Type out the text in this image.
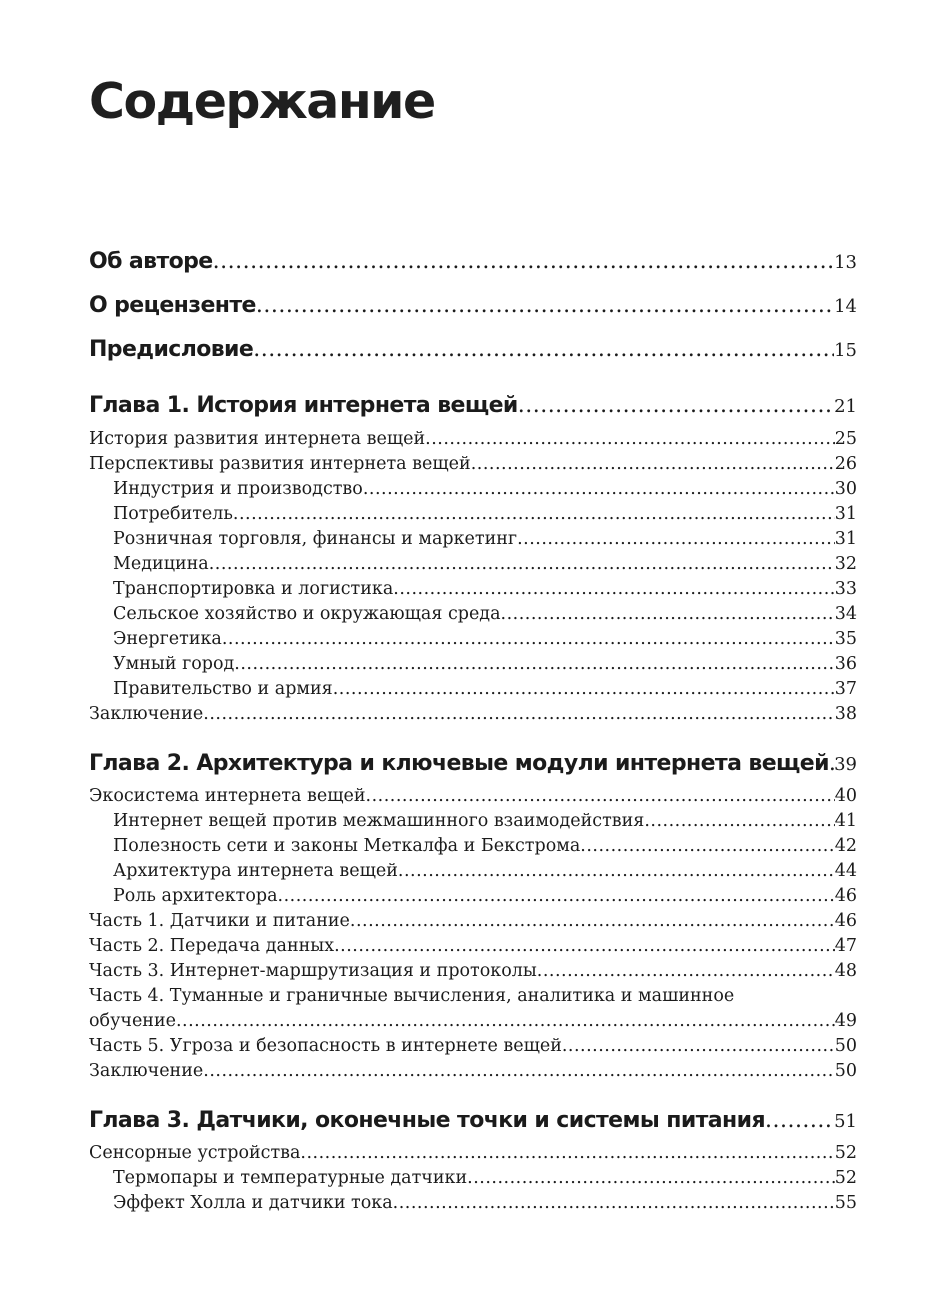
Содержание
Об авторе .....	13
О рецензенте .....	14
Предисловие .....	15
Глава 1. История интернета вещей .....	21
История развития интернета вещей .....	25
Перспективы развития интернета вещей .....	26
Индустрия и производство .....	30
Потребитель .....	31
Розничная торговля, финансы и маркетинг .....	31
Медицина .....	32
Транспортировка и логистика .....	33
Сельское хозяйство и окружающая среда .....	34
Энергетика .....	35
Умный город .....	36
Правительство и армия .....	37
Заключение .....	38
Глава 2. Архитектура и ключевые модули интернета вещей ..... 39
Экосистема интернета вещей .....	40
Интернет вещей против межмашинного взаимодействия .....	41
Полезность сети и законы Меткалфа и Бекстрома .....	42
Архитектура интернета вещей .....	44
Роль архитектора .....	46
Часть 1. Датчики и питание .....	46
Часть 2. Передача данных .....	47
Часть 3. Интернет-маршрутизация и протоколы .....	48
Часть 4. Туманные и граничные вычисления, аналитика и машинное
обучение .....	49
Часть 5. Угроза и безопасность в интернете вещей .....	50
Заключение .....	50
Глава 3. Датчики, оконечные точки и системы питания .....	51
Сенсорные устройства .....	52
Термопары и температурные датчики .....	52
Эффект Холла и датчики тока .....	55
